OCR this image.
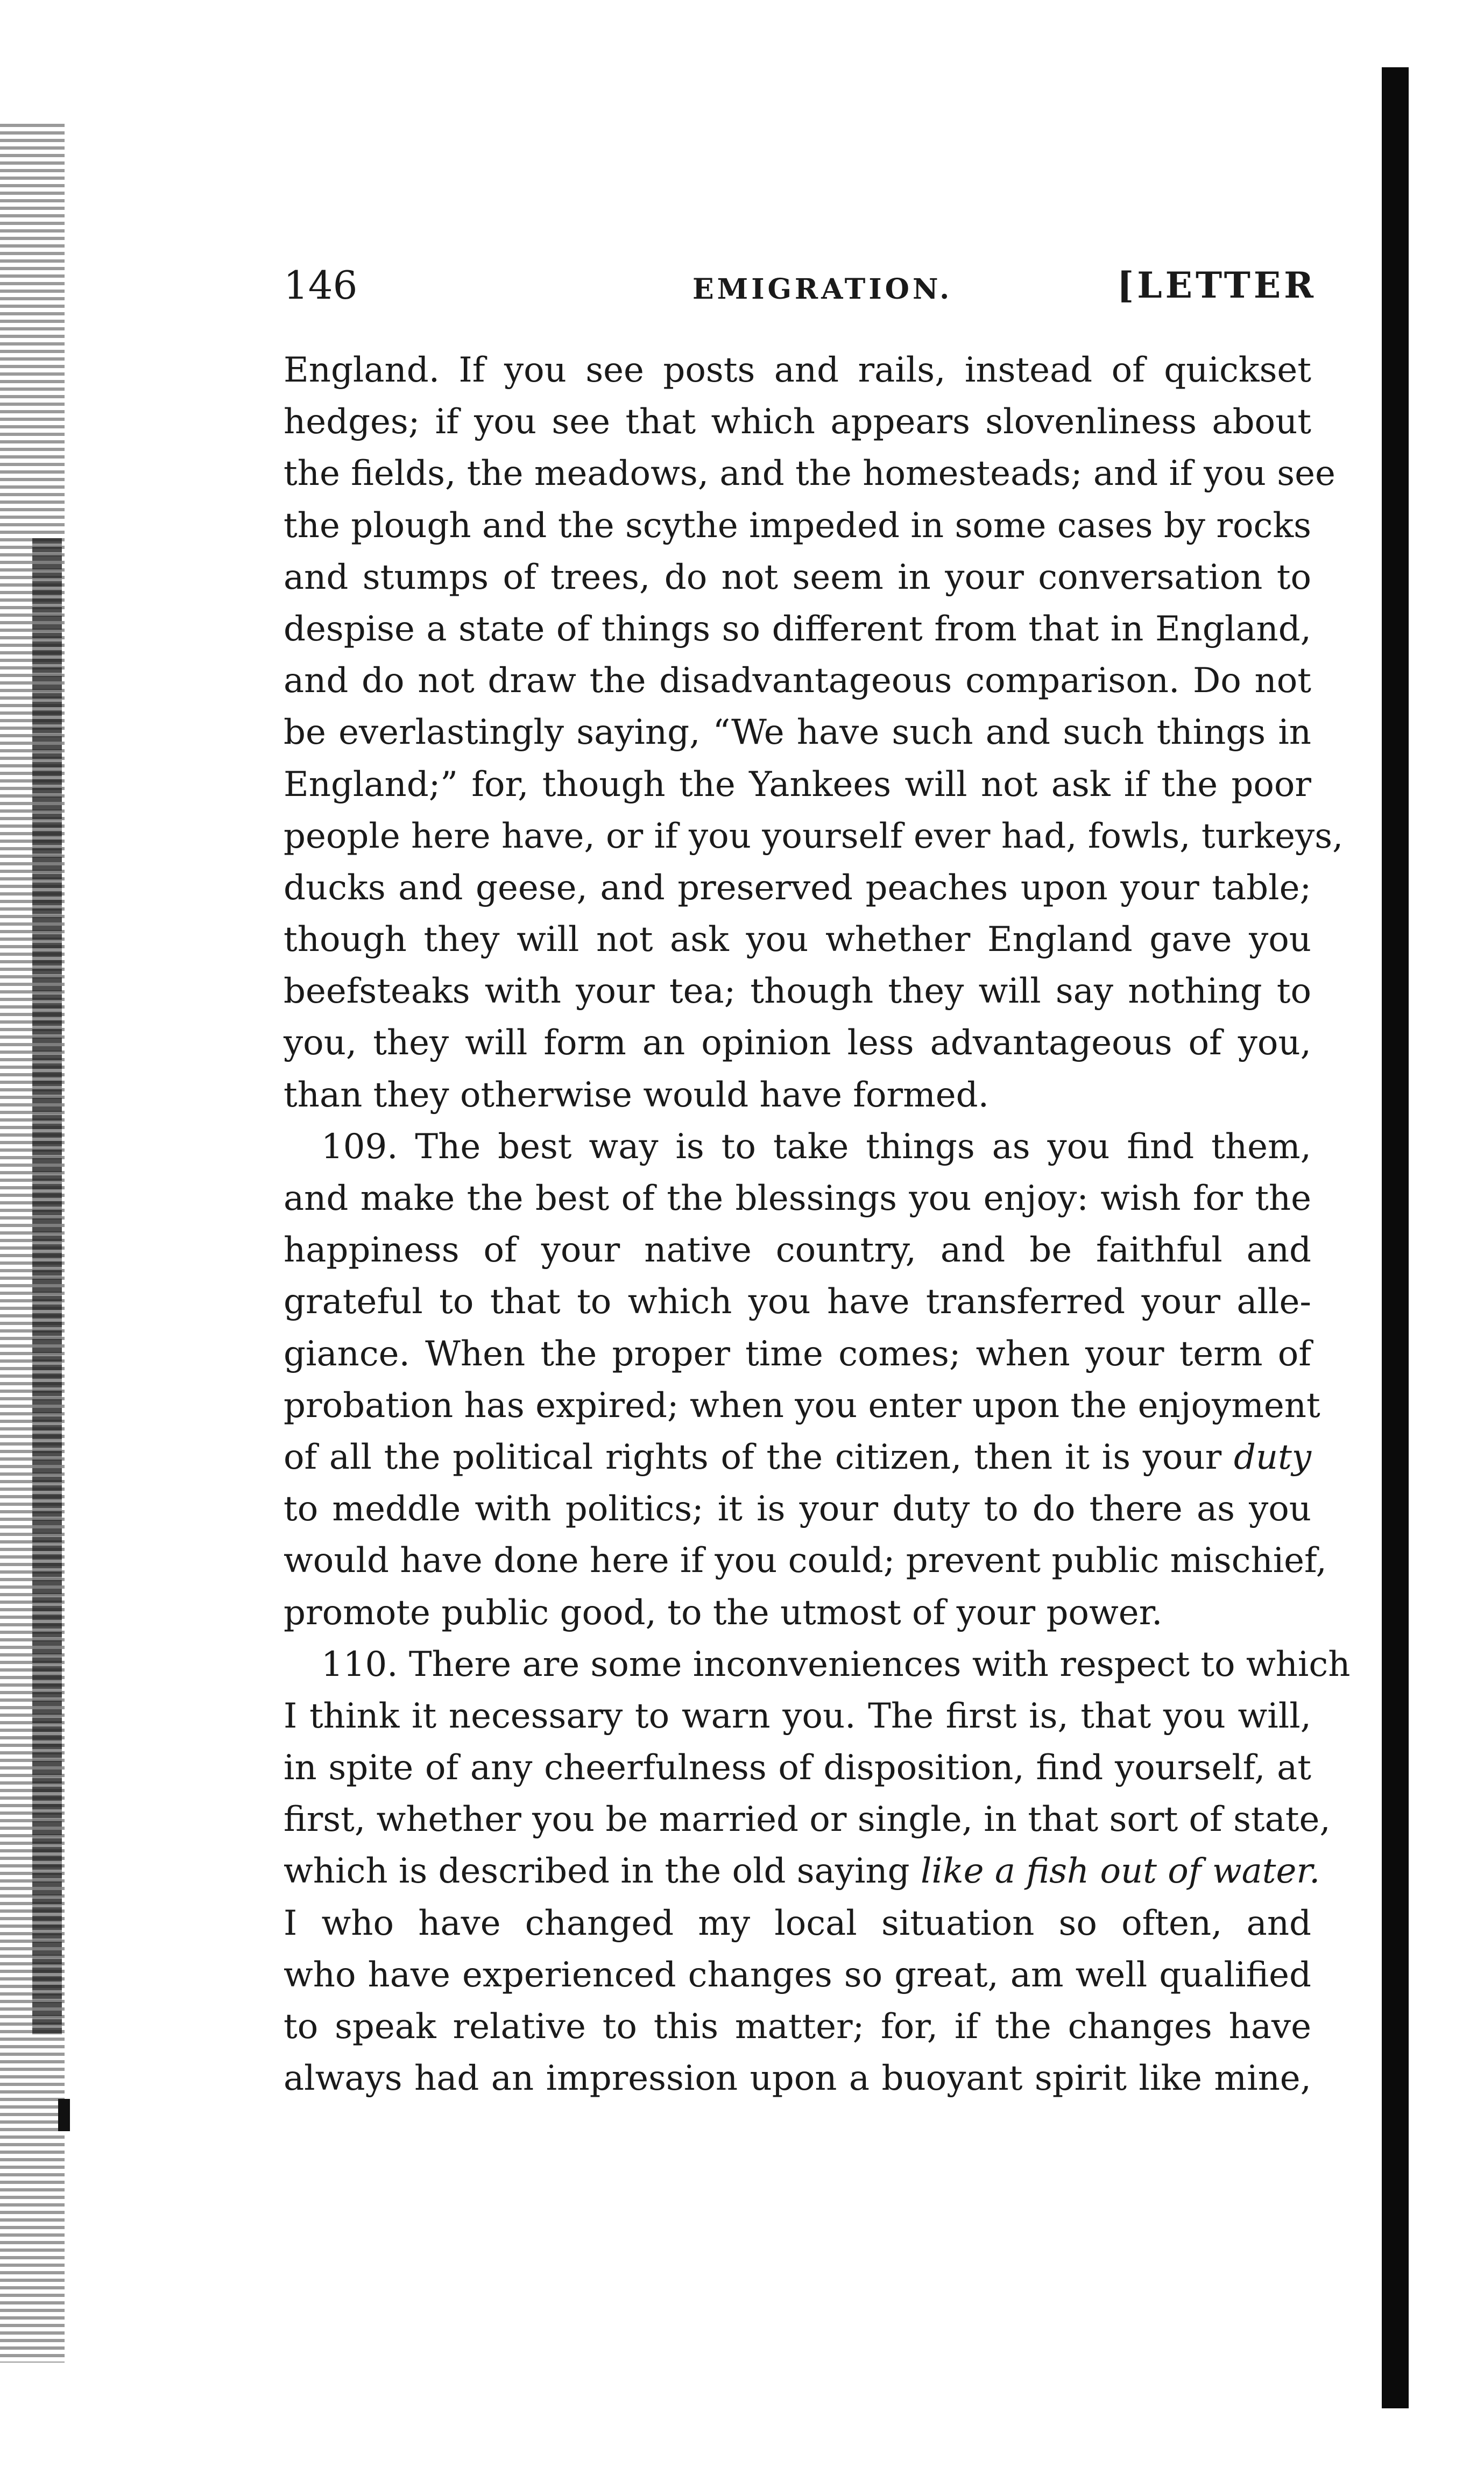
146	EMIGRATION.	[LETTER
England. If you see posts and rails, instead of quickset
hedges; if you see that which appears slovenliness about
the fields, the meadows, and the homesteads; and if you see
the plough and the scythe impeded in some cases by rocks
and stumps of trees, do not seem in your conversation to
despise a state of things so different from that in England,
and do not draw the disadvantageous comparison. Do not
be everlastingly saying, “We have such and such things in
England;” for, though the Yankees will not ask if the poor
people here have, or if you yourself ever had, fowls, turkeys,
ducks and geese, and preserved peaches upon your table;
though they will not ask you whether England gave you
beefsteaks with your tea; though they will say nothing to
you, they will form an opinion less advantageous of you,
than they otherwise would have formed.
109. The best way is to take things as you find them,
and make the best of the blessings you enjoy: wish for the
happiness of your native country, and be faithful and
grateful to that to which you have transferred your alle-
giance. When the proper time comes; when your term of
probation has expired; when you enter upon the enjoyment
of all the political rights of the citizen, then it is your duty
to meddle with politics; it is your duty to do there as you
would have done here if you could; prevent public mischief,
promote public good, to the utmost of your power.
110. There are some inconveniences with respect to which
I think it necessary to warn you. The first is, that you will,
in spite of any cheerfulness of disposition, find yourself, at
first, whether you be married or single, in that sort of state,
which is described in the old saying like a fish out of water.
I who have changed my local situation so often, and
who have experienced changes so great, am well qualified
to speak relative to this matter; for, if the changes have
always had an impression upon a buoyant spirit like mine,
